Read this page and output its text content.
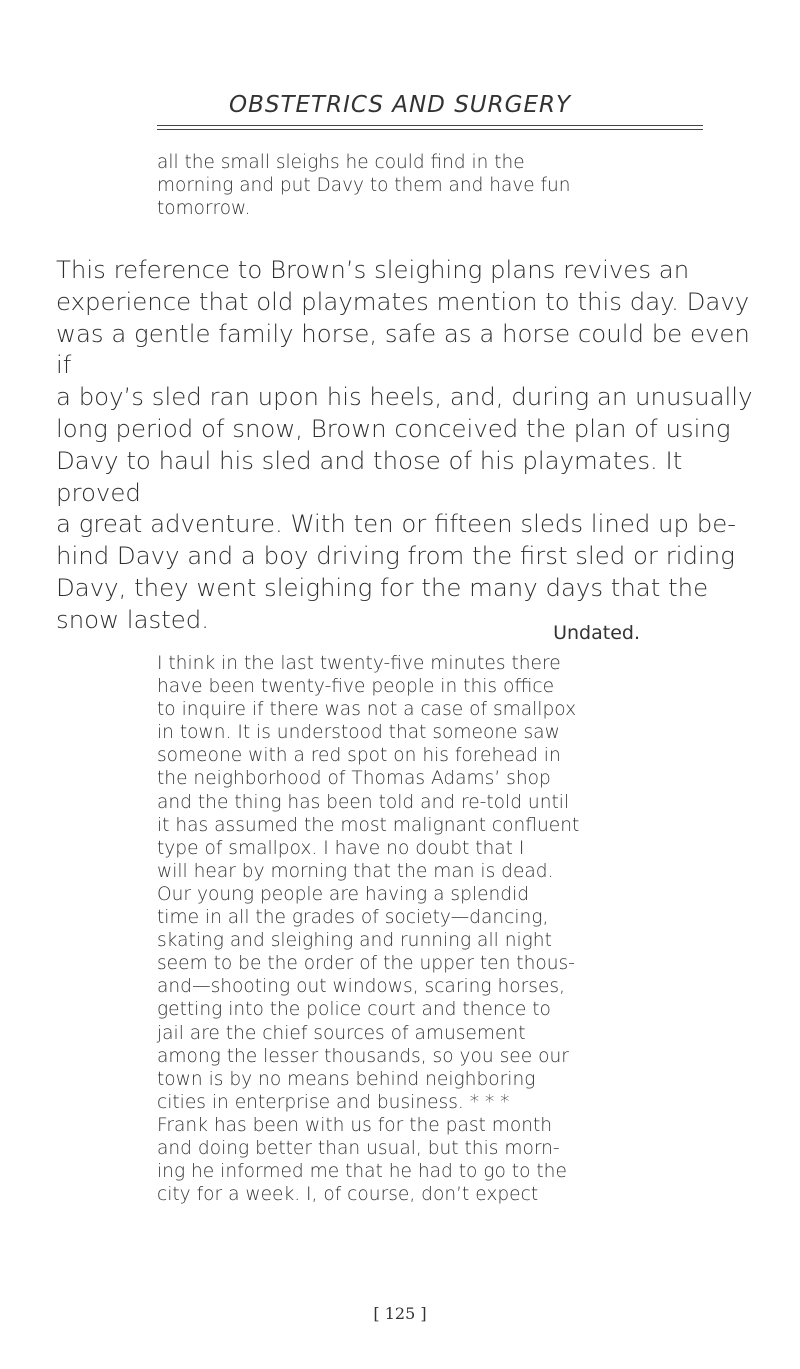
OBSTETRICS AND SURGERY
all the small sleighs he could find in the
morning and put Davy to them and have fun
tomorrow.
This reference to Brown’s sleighing plans revives an
experience that old playmates mention to this day. Davy
was a gentle family horse, safe as a horse could be even if
a boy’s sled ran upon his heels, and, during an unusually
long period of snow, Brown conceived the plan of using
Davy to haul his sled and those of his playmates. It proved
a great adventure. With ten or fifteen sleds lined up be-
hind Davy and a boy driving from the first sled or riding
Davy, they went sleighing for the many days that the
snow lasted.	Undated.
I think in the last twenty-five minutes there
have been twenty-five people in this office
to inquire if there was not a case of smallpox
in town. It is understood that someone saw
someone with a red spot on his forehead in
the neighborhood of Thomas Adams’ shop
and the thing has been told and re-told until
it has assumed the most malignant confluent
type of smallpox. I have no doubt that I
will hear by morning that the man is dead.
Our young people are having a splendid
time in all the grades of society—dancing,
skating and sleighing and running all night
seem to be the order of the upper ten thous-
and—shooting out windows, scaring horses,
getting into the police court and thence to
jail are the chief sources of amusement
among the lesser thousands, so you see our
town is by no means behind neighboring
cities in enterprise and business. * * *
Frank has been with us for the past month
and doing better than usual, but this morn-
ing he informed me that he had to go to the
city for a week. I, of course, don’t expect
[ 125 ]
